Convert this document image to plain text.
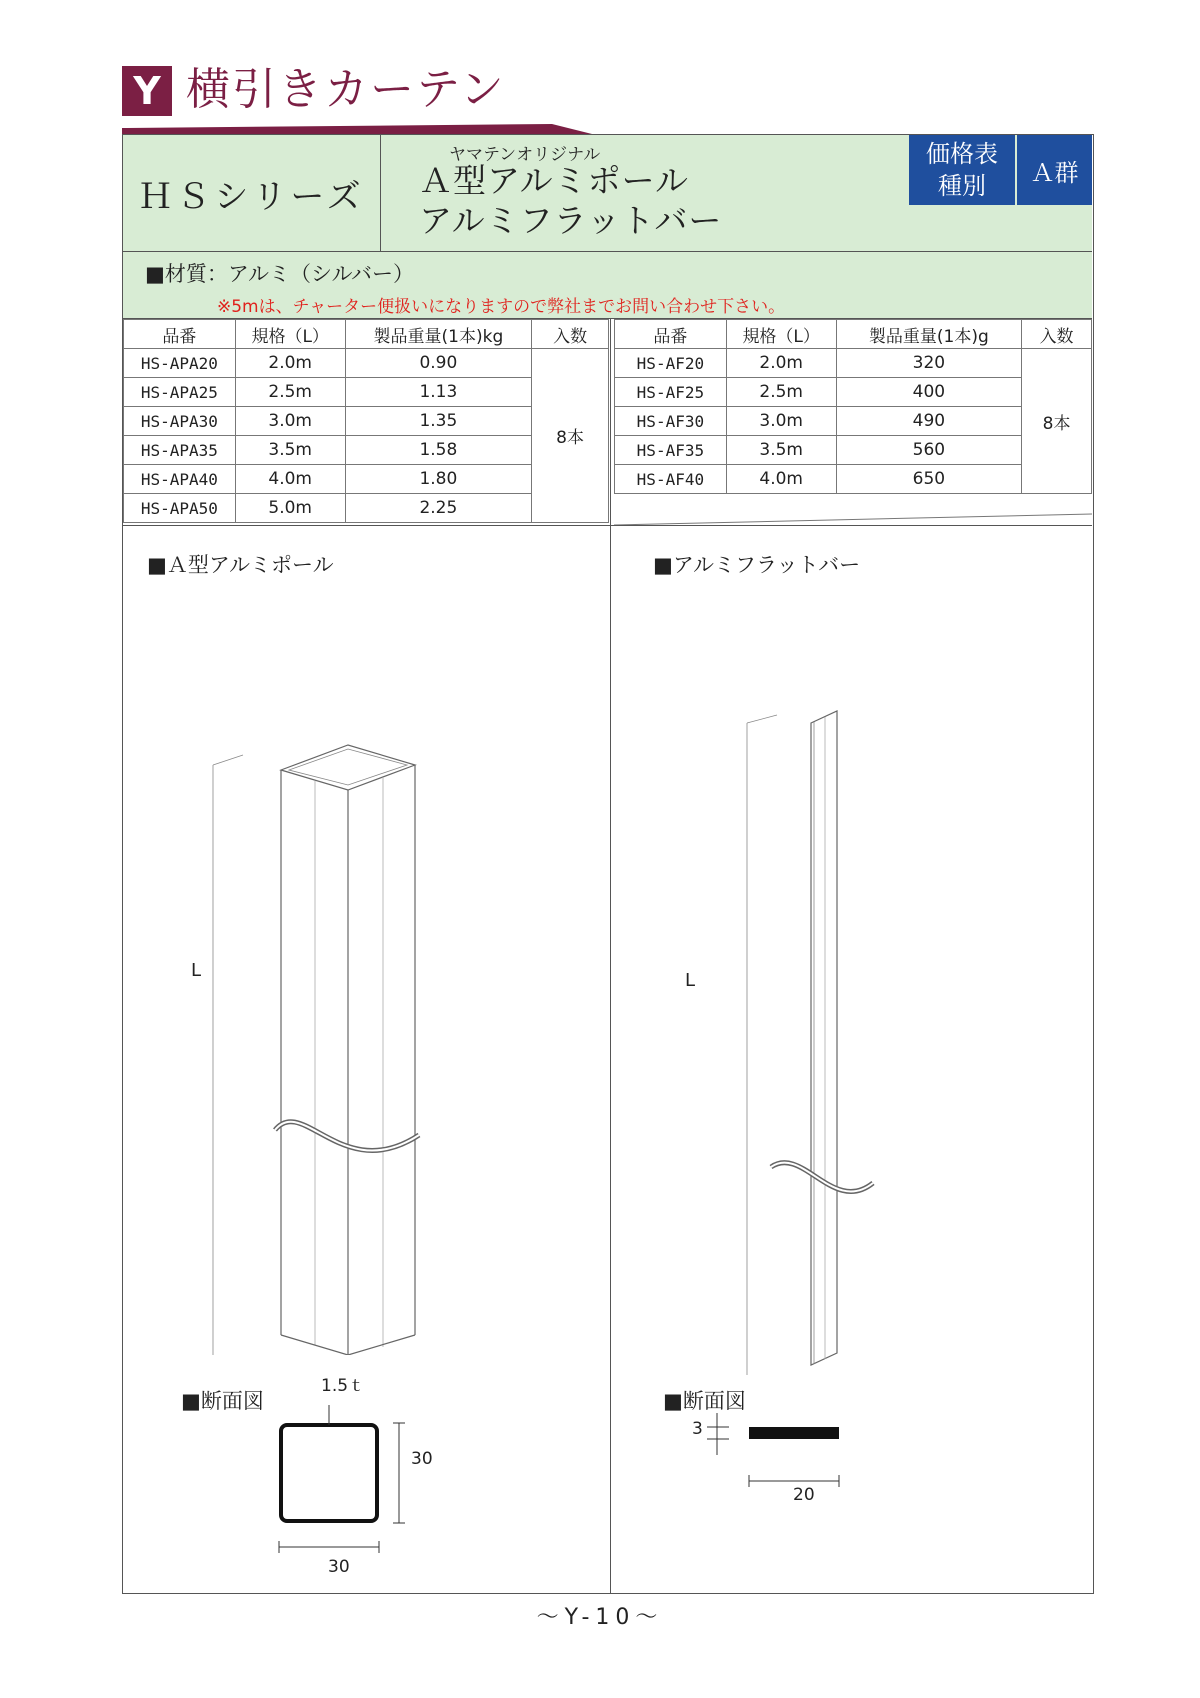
Y 横引きカーテン
ＨＳシリーズ
ヤマテンオリジナル
Ａ型アルミポール
アルミフラットバー
価格表
種別	Ａ群
■材質：アルミ（シルバー）
※5mは、チャーター便扱いになりますので弊社までお問い合わせ下さい。
品番	規格（L）	製品重量(1本)kg	入数
HS-APA20	2.0m	0.90	8本
HS-APA25	2.5m	1.13	
HS-APA30	3.0m	1.35	
HS-APA35	3.5m	1.58	
HS-APA40	4.0m	1.80	
HS-APA50	5.0m	2.25	
品番	規格（L）	製品重量(1本)g	入数
HS-AF20	2.0m	320	8本
HS-AF25	2.5m	400	
HS-AF30	3.0m	490	
HS-AF35	3.5m	560	
HS-AF40	4.0m	650	
■Ａ型アルミポール
L
■断面図
1.5ｔ
30
30
■アルミフラットバー
L
■断面図
3
20
～Y-10～
